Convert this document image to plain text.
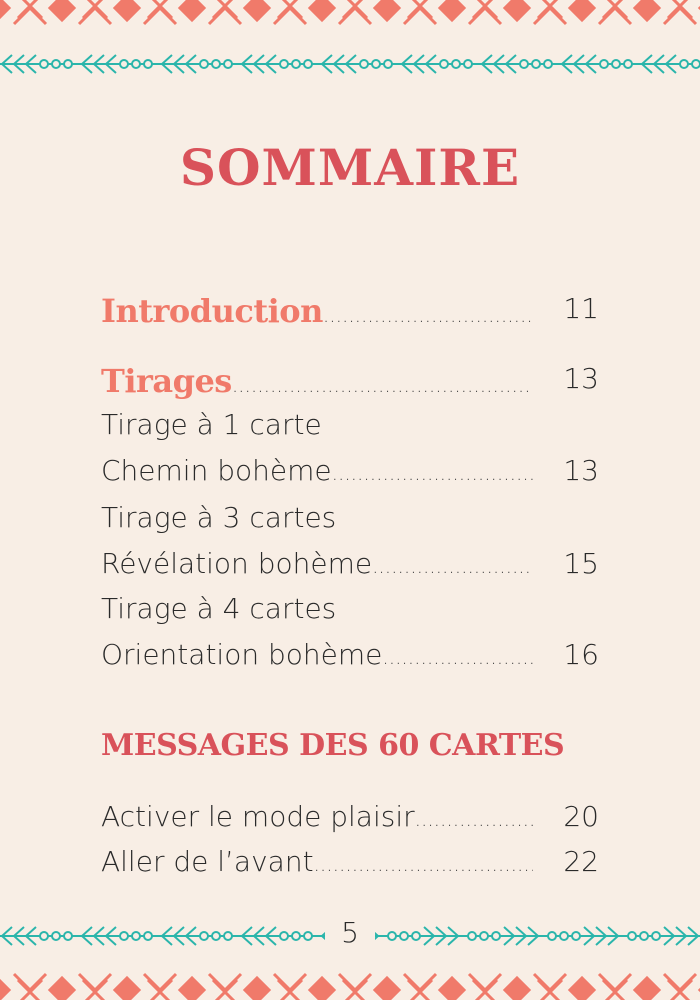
SOMMAIRE
Introduction .....	11
Tirages .....	13
Tirage à 1 carte
Chemin bohème .....	13
Tirage à 3 cartes
Révélation bohème .....	15
Tirage à 4 cartes
Orientation bohème .....	16
MESSAGES DES 60 CARTES
Activer le mode plaisir .....	20
Aller de l’avant .....	22
5
